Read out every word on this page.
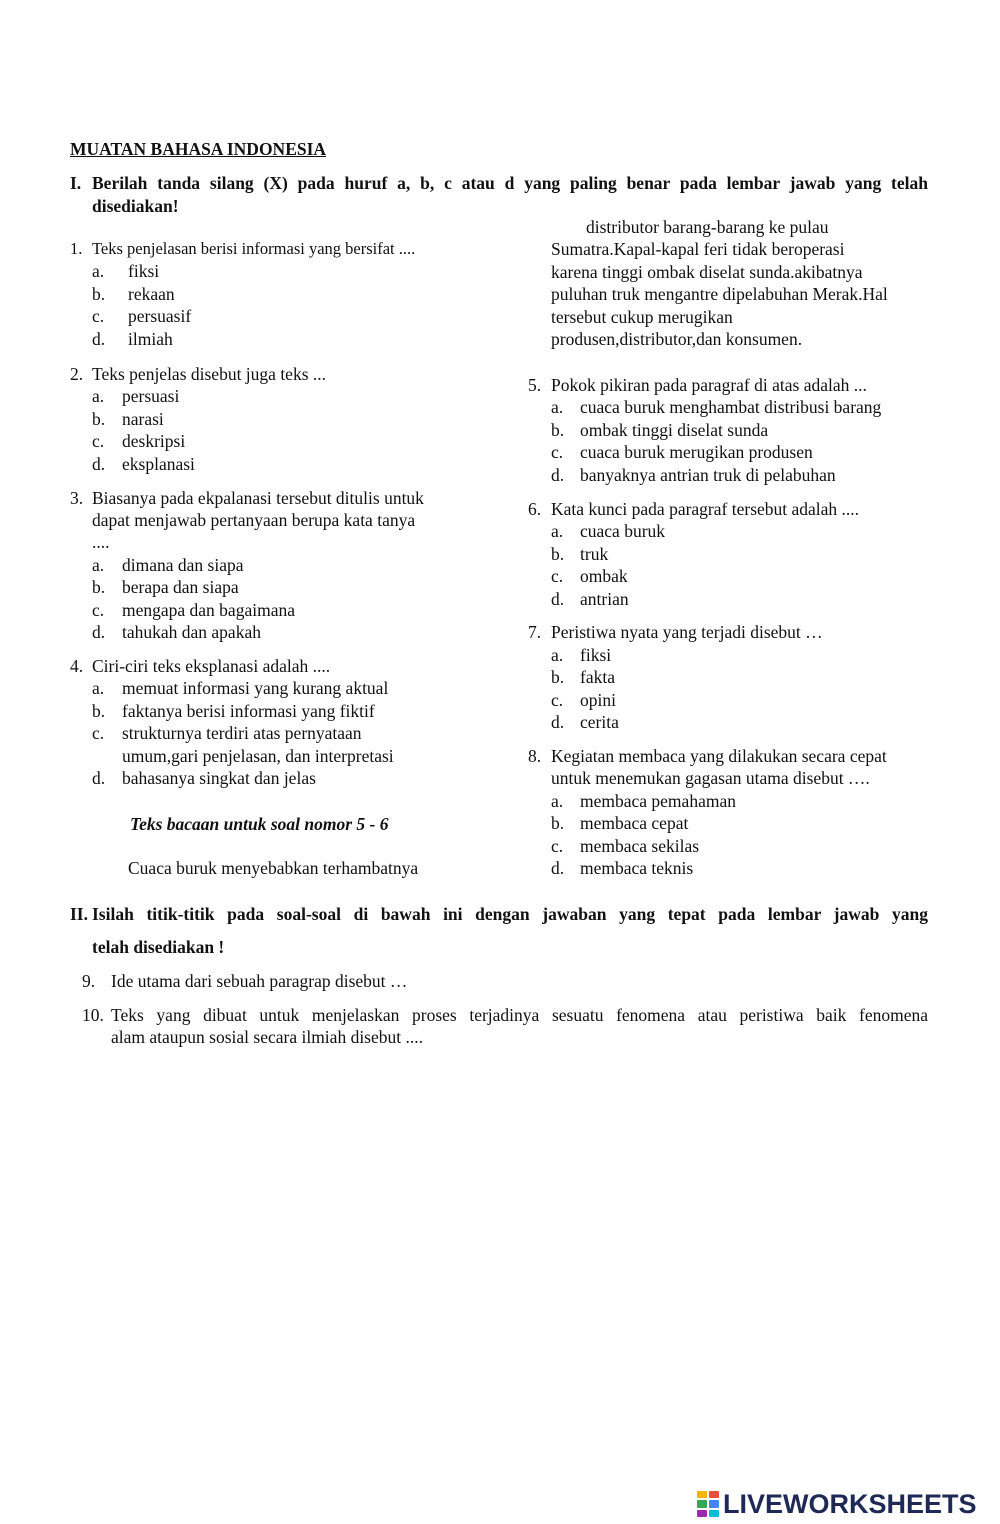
MUATAN BAHASA INDONESIA
I. Berilah tanda silang (X) pada huruf a, b, c atau d yang paling benar pada lembar jawab yang telah
disediakan!
1. Teks penjelasan berisi informasi yang bersifat ....
a. fiksi
b. rekaan
c. persuasif
d. ilmiah
2. Teks penjelas disebut juga teks ...
a. persuasi
b. narasi
c. deskripsi
d. eksplanasi
3. Biasanya pada ekpalanasi tersebut ditulis untuk
dapat menjawab pertanyaan berupa kata tanya
....
a. dimana dan siapa
b. berapa dan siapa
c. mengapa dan bagaimana
d. tahukah dan apakah
4. Ciri-ciri teks eksplanasi adalah ....
a. memuat informasi yang kurang aktual
b. faktanya berisi informasi yang fiktif
c. strukturnya terdiri atas pernyataan
umum,gari penjelasan, dan interpretasi
d. bahasanya singkat dan jelas
Teks bacaan untuk soal nomor 5 - 6
Cuaca buruk menyebabkan terhambatnya
distributor barang-barang ke pulau
Sumatra.Kapal-kapal feri tidak beroperasi
karena tinggi ombak diselat sunda.akibatnya
puluhan truk mengantre dipelabuhan Merak.Hal
tersebut cukup merugikan
produsen,distributor,dan konsumen.
5. Pokok pikiran pada paragraf di atas adalah ...
a. cuaca buruk menghambat distribusi barang
b. ombak tinggi diselat sunda
c. cuaca buruk merugikan produsen
d. banyaknya antrian truk di pelabuhan
6. Kata kunci pada paragraf tersebut adalah ....
a. cuaca buruk
b. truk
c. ombak
d. antrian
7. Peristiwa nyata yang terjadi disebut …
a. fiksi
b. fakta
c. opini
d. cerita
8. Kegiatan membaca yang dilakukan secara cepat
untuk menemukan gagasan utama disebut ….
a. membaca pemahaman
b. membaca cepat
c. membaca sekilas
d. membaca teknis
II. Isilah titik-titik pada soal-soal di bawah ini dengan jawaban yang tepat pada lembar jawab yang
telah disediakan !
9. Ide utama dari sebuah paragrap disebut …
10. Teks yang dibuat untuk menjelaskan proses terjadinya sesuatu fenomena atau peristiwa baik fenomena
alam ataupun sosial secara ilmiah disebut ....
LIVEWORKSHEETS
